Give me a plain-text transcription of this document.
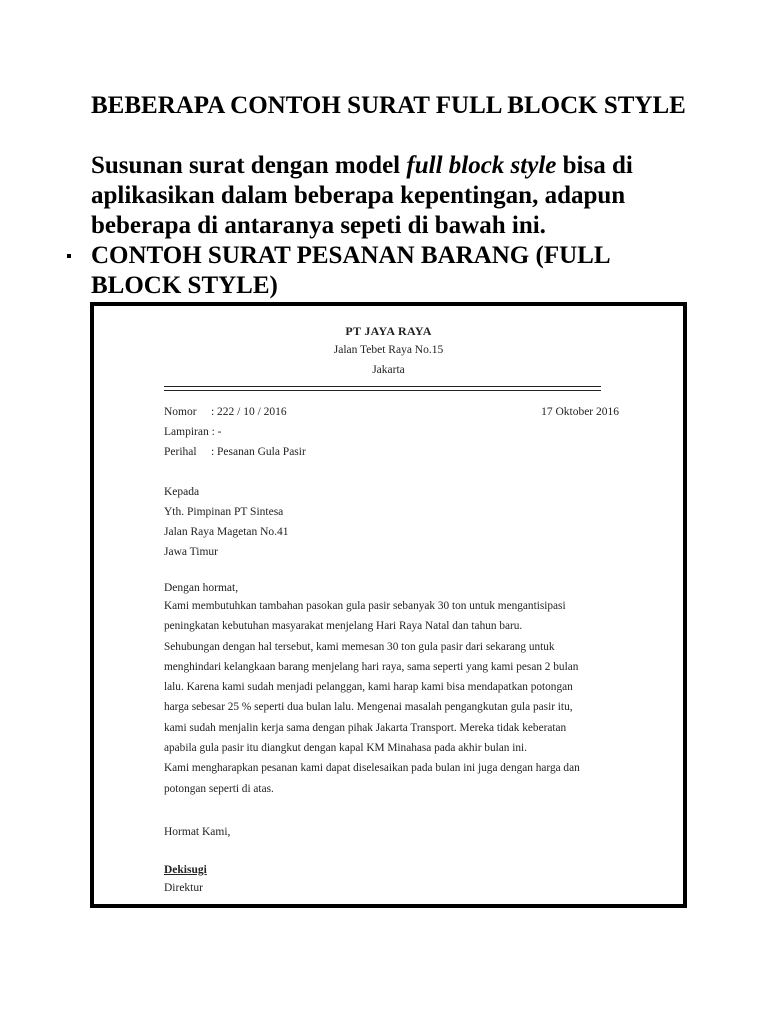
BEBERAPA CONTOH SURAT FULL BLOCK STYLE
Susunan surat dengan model full block style bisa di aplikasikan dalam beberapa kepentingan, adapun beberapa di antaranya sepeti di bawah ini.
CONTOH SURAT PESANAN BARANG (FULL BLOCK STYLE)
PT JAYA RAYA
Jalan Tebet Raya No.15
Jakarta
Nomor     : 222 / 10 / 2016	17 Oktober 2016
Lampiran : -
Perihal     : Pesanan Gula Pasir
Kepada
Yth. Pimpinan PT Sintesa
Jalan Raya Magetan No.41
Jawa Timur
Dengan hormat,
Kami membutuhkan tambahan pasokan gula pasir sebanyak 30 ton untuk mengantisipasi
peningkatan kebutuhan masyarakat menjelang Hari Raya Natal dan tahun baru.
Sehubungan dengan hal tersebut, kami memesan 30 ton gula pasir dari sekarang untuk
menghindari kelangkaan barang menjelang hari raya, sama seperti yang kami pesan 2 bulan
lalu. Karena kami sudah menjadi pelanggan, kami harap kami bisa mendapatkan potongan
harga sebesar 25 % seperti dua bulan lalu. Mengenai masalah pengangkutan gula pasir itu,
kami sudah menjalin kerja sama dengan pihak Jakarta Transport. Mereka tidak keberatan
apabila gula pasir itu diangkut dengan kapal KM Minahasa pada akhir bulan ini.
Kami mengharapkan pesanan kami dapat diselesaikan pada bulan ini juga dengan harga dan
potongan seperti di atas.
Hormat Kami,
Dekisugi
Direktur
